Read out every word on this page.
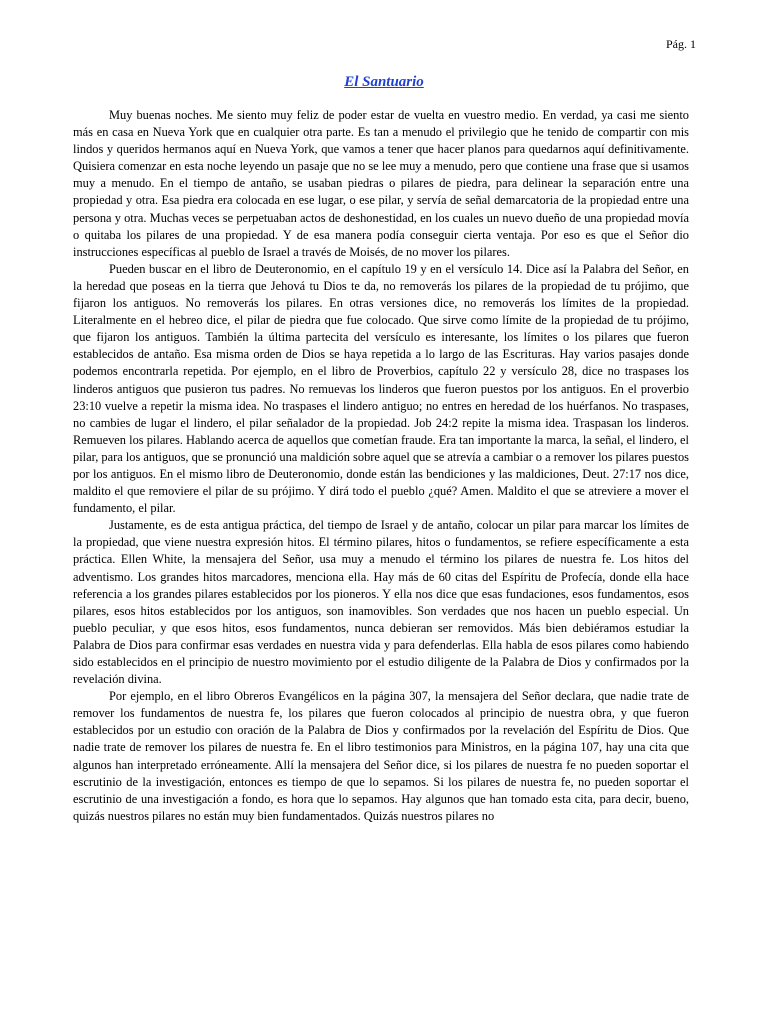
Pág. 1
El Santuario

Muy buenas noches. Me siento muy feliz de poder estar de vuelta en vuestro medio. En verdad, ya casi me siento más en casa en Nueva York que en cualquier otra parte. Es tan a menudo el privilegio que he tenido de compartir con mis lindos y queridos hermanos aquí en Nueva York, que vamos a tener que hacer planos para quedarnos aquí definitivamente. Quisiera comenzar en esta noche leyendo un pasaje que no se lee muy a menudo, pero que contiene una frase que si usamos muy a menudo. En el tiempo de antaño, se usaban piedras o pilares de piedra, para delinear la separación entre una propiedad y otra. Esa piedra era colocada en ese lugar, o ese pilar, y servía de señal demarcatoria de la propiedad entre una persona y otra. Muchas veces se perpetuaban actos de deshonestidad, en los cuales un nuevo dueño de una propiedad movía o quitaba los pilares de una propiedad. Y de esa manera podía conseguir cierta ventaja. Por eso es que el Señor dio instrucciones específicas al pueblo de Israel a través de Moisés, de no mover los pilares.

Pueden buscar en el libro de Deuteronomio, en el capítulo 19 y en el versículo 14. Dice así la Palabra del Señor, en la heredad que poseas en la tierra que Jehová tu Dios te da, no removerás los pilares de la propiedad de tu prójimo, que fijaron los antiguos. No removerás los pilares. En otras versiones dice, no removerás los límites de la propiedad. Literalmente en el hebreo dice, el pilar de piedra que fue colocado. Que sirve como límite de la propiedad de tu prójimo, que fijaron los antiguos. También la última partecita del versículo es interesante, los límites o los pilares que fueron establecidos de antaño. Esa misma orden de Dios se haya repetida a lo largo de las Escrituras. Hay varios pasajes donde podemos encontrarla repetida. Por ejemplo, en el libro de Proverbios, capítulo 22 y versículo 28, dice no traspases los linderos antiguos que pusieron tus padres. No remuevas los linderos que fueron puestos por los antiguos. En el proverbio 23:10 vuelve a repetir la misma idea. No traspases el lindero antiguo; no entres en heredad de los huérfanos. No traspases, no cambies de lugar el lindero, el pilar señalador de la propiedad. Job 24:2 repite la misma idea. Traspasan los linderos. Remueven los pilares. Hablando acerca de aquellos que cometían fraude. Era tan importante la marca, la señal, el lindero, el pilar, para los antiguos, que se pronunció una maldición sobre aquel que se atrevía a cambiar o a remover los pilares puestos por los antiguos. En el mismo libro de Deuteronomio, donde están las bendiciones y las maldiciones, Deut. 27:17 nos dice, maldito el que removiere el pilar de su prójimo. Y dirá todo el pueblo ¿qué? Amen. Maldito el que se atreviere a mover el fundamento, el pilar.

Justamente, es de esta antigua práctica, del tiempo de Israel y de antaño, colocar un pilar para marcar los límites de la propiedad, que viene nuestra expresión hitos. El término pilares, hitos o fundamentos, se refiere específicamente a esta práctica. Ellen White, la mensajera del Señor, usa muy a menudo el término los pilares de nuestra fe. Los hitos del adventismo. Los grandes hitos marcadores, menciona ella. Hay más de 60 citas del Espíritu de Profecía, donde ella hace referencia a los grandes pilares establecidos por los pioneros. Y ella nos dice que esas fundaciones, esos fundamentos, esos pilares, esos hitos establecidos por los antiguos, son inamovibles. Son verdades que nos hacen un pueblo especial. Un pueblo peculiar, y que esos hitos, esos fundamentos, nunca debieran ser removidos. Más bien debiéramos estudiar la Palabra de Dios para confirmar esas verdades en nuestra vida y para defenderlas. Ella habla de esos pilares como habiendo sido establecidos en el principio de nuestro movimiento por el estudio diligente de la Palabra de Dios y confirmados por la revelación divina.

Por ejemplo, en el libro Obreros Evangélicos en la página 307, la mensajera del Señor declara, que nadie trate de remover los fundamentos de nuestra fe, los pilares que fueron colocados al principio de nuestra obra, y que fueron establecidos por un estudio con oración de la Palabra de Dios y confirmados por la revelación del Espíritu de Dios. Que nadie trate de remover los pilares de nuestra fe. En el libro testimonios para Ministros, en la página 107, hay una cita que algunos han interpretado erróneamente. Allí la mensajera del Señor dice, si los pilares de nuestra fe no pueden soportar el escrutinio de la investigación, entonces es tiempo de que lo sepamos. Si los pilares de nuestra fe, no pueden soportar el escrutinio de una investigación a fondo, es hora que lo sepamos. Hay algunos que han tomado esta cita, para decir, bueno, quizás nuestros pilares no están muy bien fundamentados. Quizás nuestros pilares no
